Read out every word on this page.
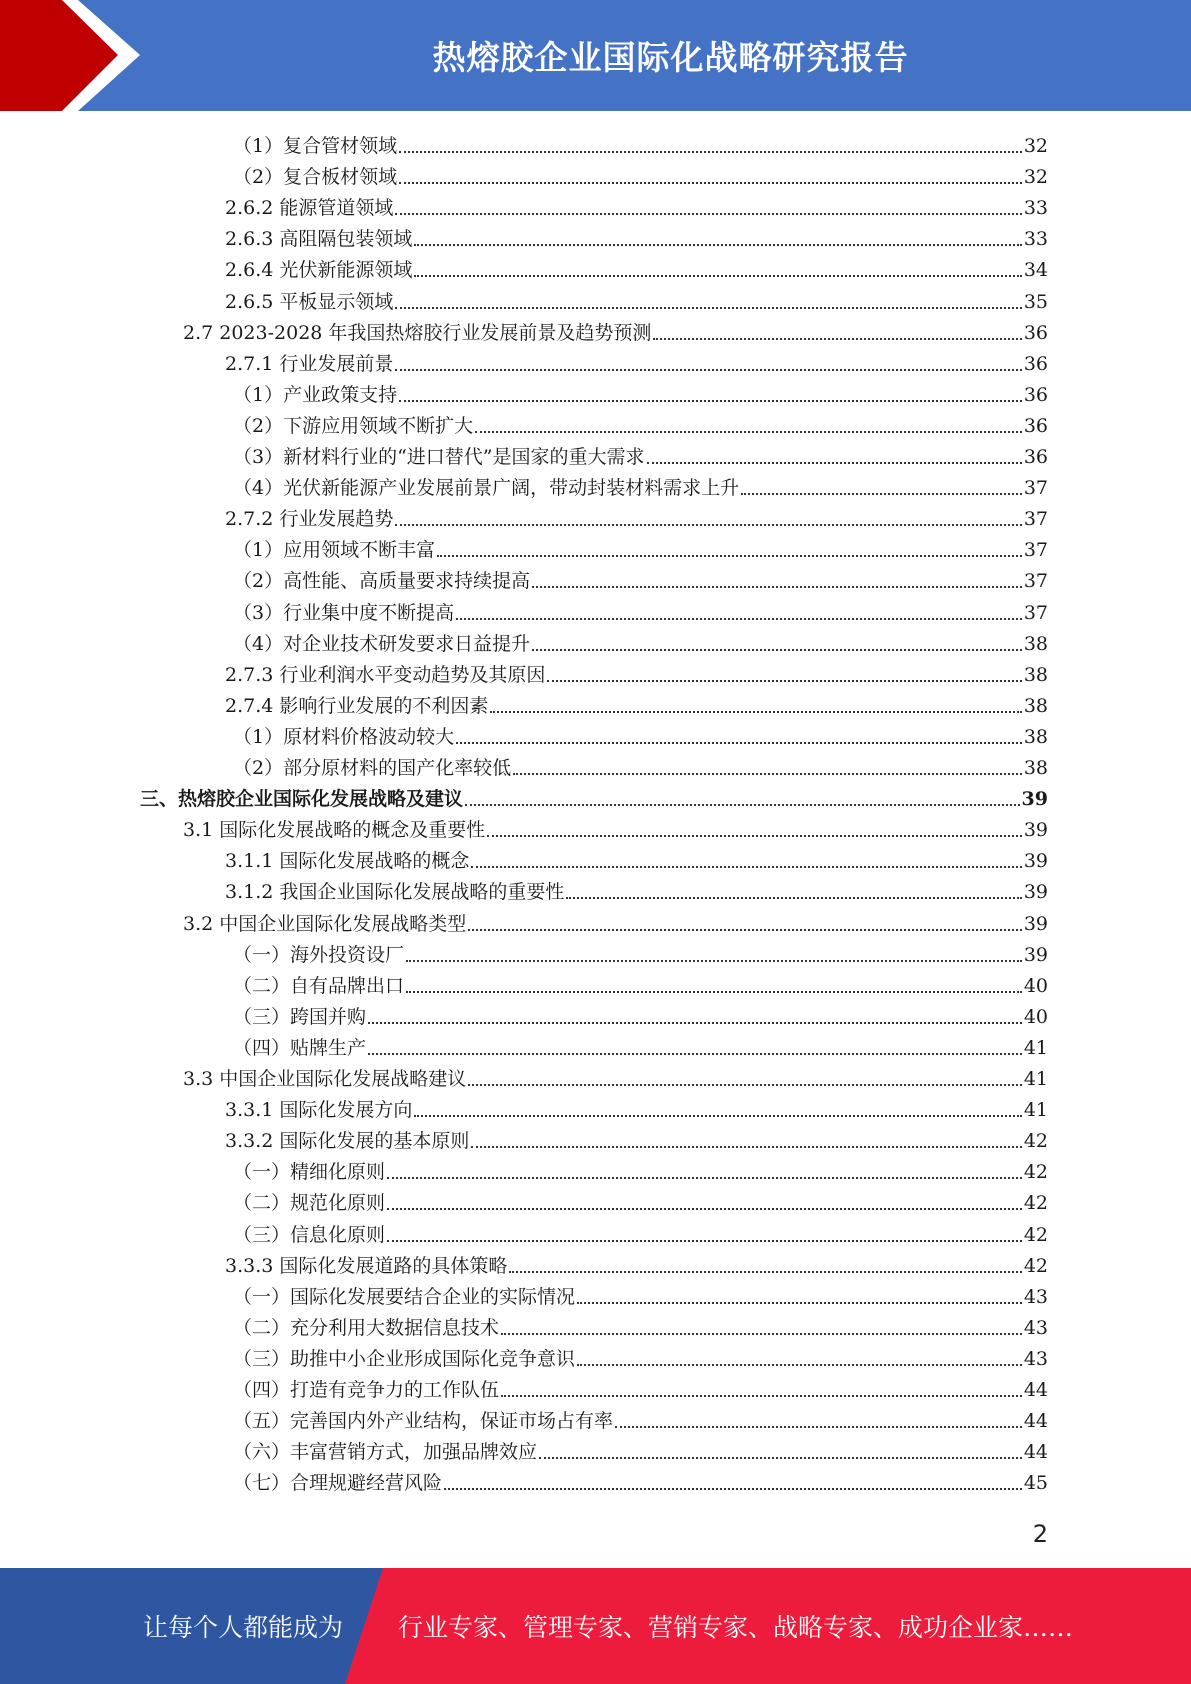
热熔胶企业国际化战略研究报告
（1）复合管材领域	32
（2）复合板材领域	32
2.6.2 能源管道领域	33
2.6.3 高阻隔包装领域	33
2.6.4 光伏新能源领域	34
2.6.5 平板显示领域	35
2.7 2023-2028 年我国热熔胶行业发展前景及趋势预测	36
2.7.1 行业发展前景	36
（1）产业政策支持	36
（2）下游应用领域不断扩大	36
（3）新材料行业的“进口替代”是国家的重大需求	36
（4）光伏新能源产业发展前景广阔，带动封装材料需求上升	37
2.7.2 行业发展趋势	37
（1）应用领域不断丰富	37
（2）高性能、高质量要求持续提高	37
（3）行业集中度不断提高	37
（4）对企业技术研发要求日益提升	38
2.7.3 行业利润水平变动趋势及其原因	38
2.7.4 影响行业发展的不利因素	38
（1）原材料价格波动较大	38
（2）部分原材料的国产化率较低	38
三、热熔胶企业国际化发展战略及建议	39
3.1 国际化发展战略的概念及重要性	39
3.1.1 国际化发展战略的概念	39
3.1.2 我国企业国际化发展战略的重要性	39
3.2 中国企业国际化发展战略类型	39
（一）海外投资设厂	39
（二）自有品牌出口	40
（三）跨国并购	40
（四）贴牌生产	41
3.3 中国企业国际化发展战略建议	41
3.3.1 国际化发展方向	41
3.3.2 国际化发展的基本原则	42
（一）精细化原则	42
（二）规范化原则	42
（三）信息化原则	42
3.3.3 国际化发展道路的具体策略	42
（一）国际化发展要结合企业的实际情况	43
（二）充分利用大数据信息技术	43
（三）助推中小企业形成国际化竞争意识	43
（四）打造有竞争力的工作队伍	44
（五）完善国内外产业结构，保证市场占有率	44
（六）丰富营销方式，加强品牌效应	44
（七）合理规避经营风险	45
2
让每个人都能成为 行业专家、管理专家、营销专家、战略专家、成功企业家……
